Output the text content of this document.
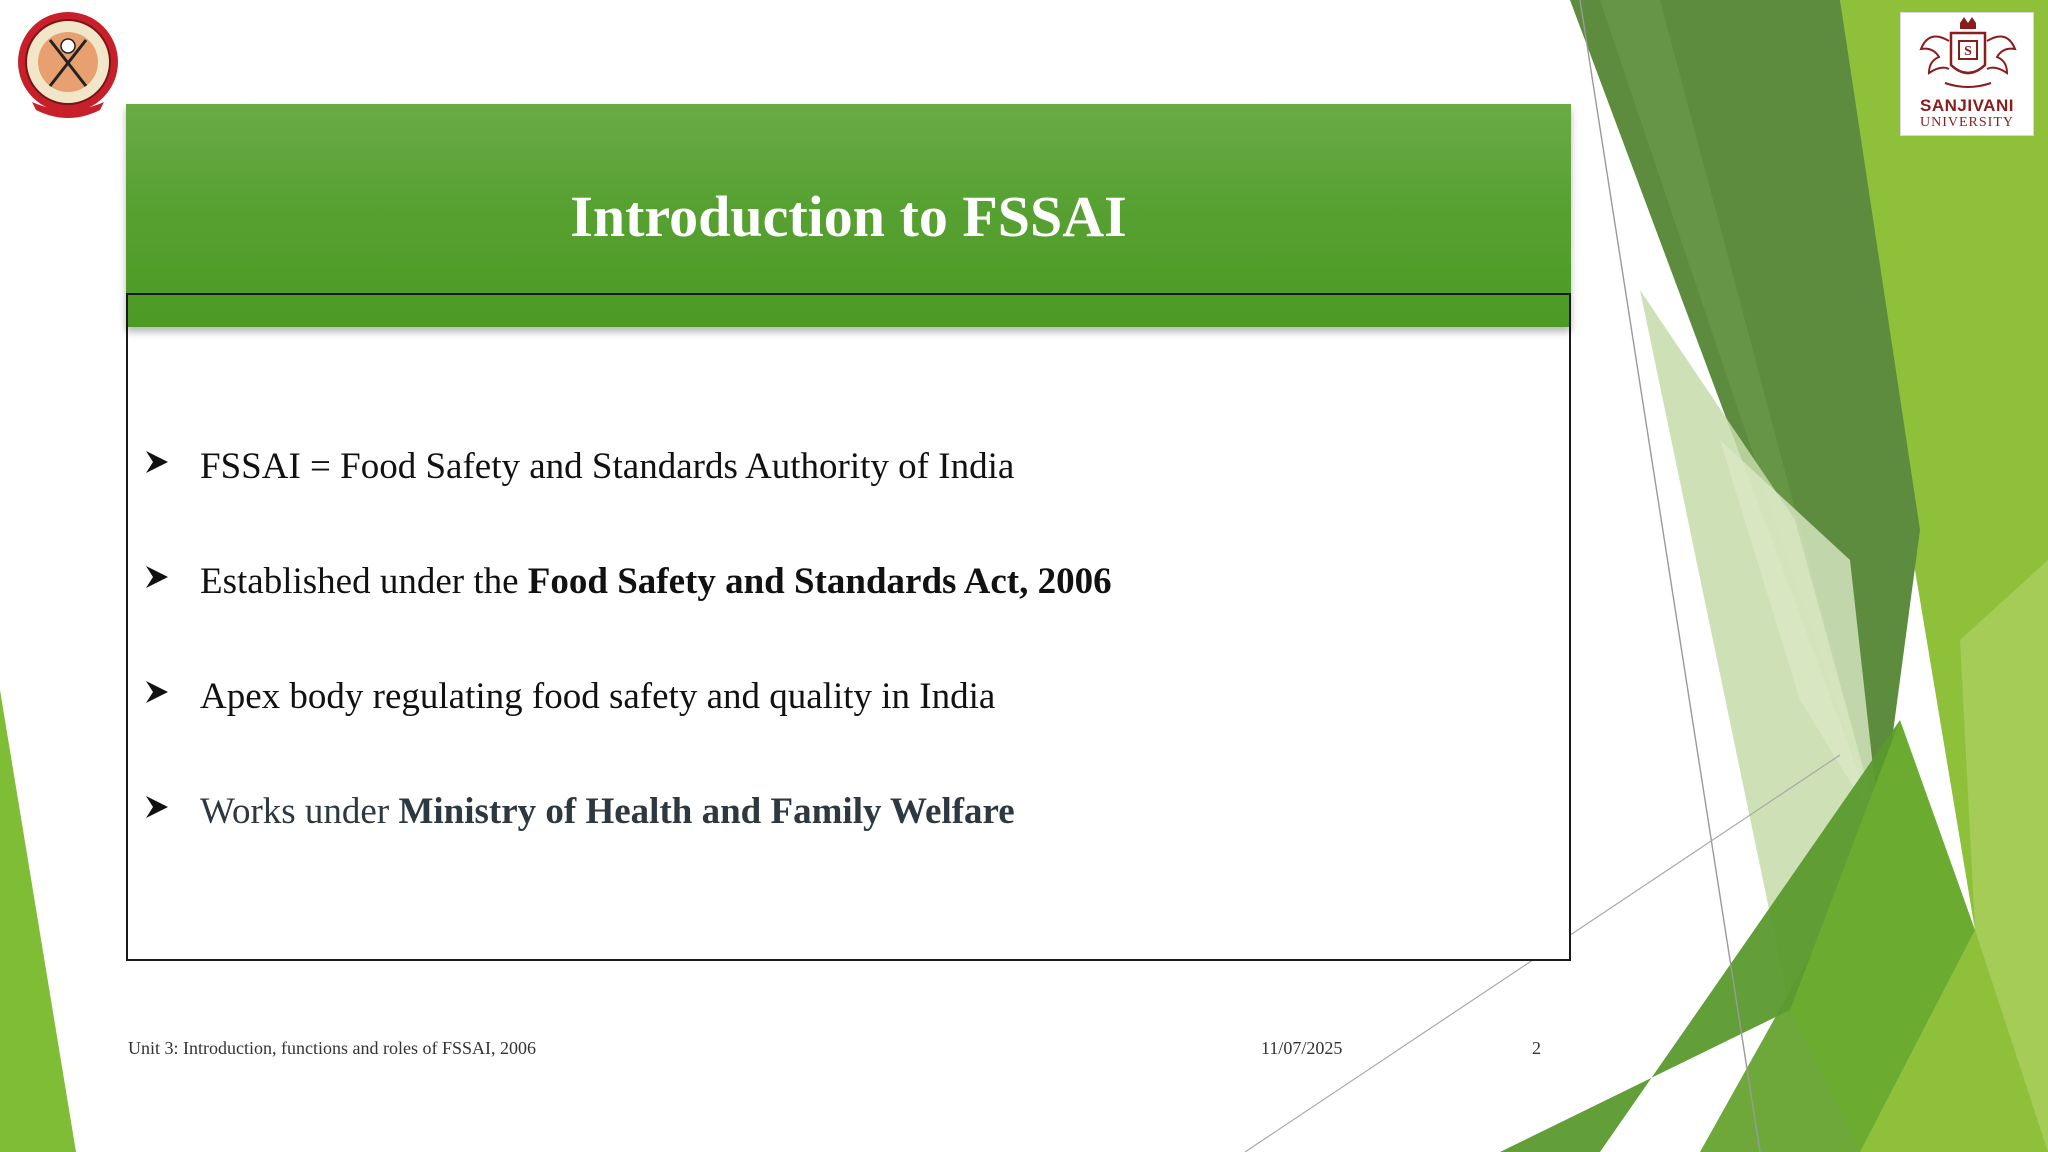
S
SANJIVANI
UNIVERSITY
Introduction to FSSAI
FSSAI = Food Safety and Standards Authority of India
Established under the Food Safety and Standards Act, 2006
Apex body regulating food safety and quality in India
Works under Ministry of Health and Family Welfare
Unit 3: Introduction, functions and roles of FSSAI, 2006	11/07/2025	2
